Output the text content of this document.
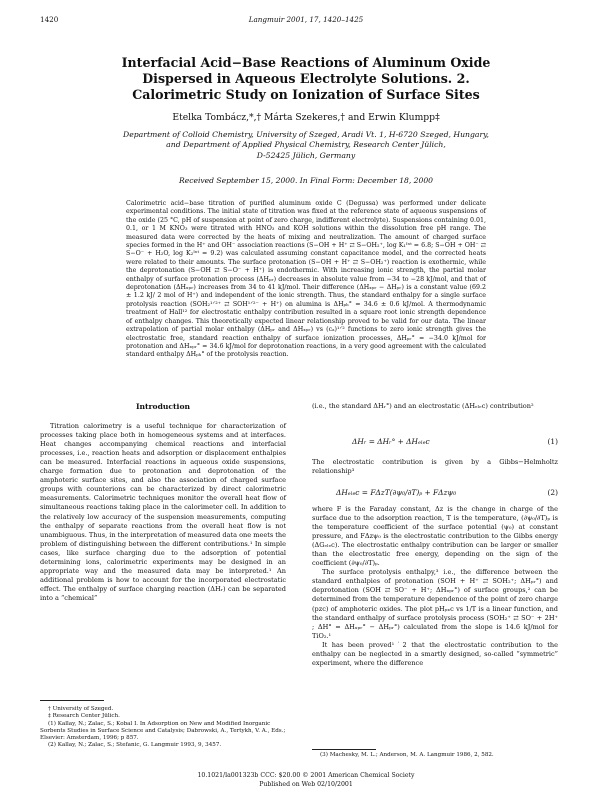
1420	Langmuir 2001, 17, 1420–1425
Interfacial Acid−Base Reactions of Aluminum Oxide
Dispersed in Aqueous Electrolyte Solutions. 2.
Calorimetric Study on Ionization of Surface Sites
Etelka Tombácz,*,† Márta Szekeres,† and Erwin Klumpp‡
Department of Colloid Chemistry, University of Szeged, Aradi Vt. 1, H-6720 Szeged, Hungary,
and Department of Applied Physical Chemistry, Research Center Jülich,
D-52425 Jülich, Germany
Received September 15, 2000. In Final Form: December 18, 2000
Calorimetric acid−base titration of purified aluminum oxide C (Degussa) was performed under delicate experimental conditions. The initial state of titration was fixed at the reference state of aqueous suspensions of the oxide (25 °C, pH of suspension at point of zero charge, indifferent electrolyte). Suspensions containing 0.01, 0.1, or 1 M KNO₃ were titrated with HNO₃ and KOH solutions within the dissolution free pH range. The measured data were corrected by the heats of mixing and neutralization. The amount of charged surface species formed in the H⁺ and OH⁻ association reactions (S−OH + H⁺ ⇄ S−OH₂⁺, log K₁ᴵⁿᵗ = 6.8; S−OH + OH⁻ ⇄ S−O⁻ + H₂O, log K₂ᴵⁿᵗ = 9.2) was calculated assuming constant capacitance model, and the corrected heats were related to their amounts. The surface protonation (S−OH + H⁺ ⇄ S−OH₂⁺) reaction is exothermic, while the deprotonation (S−OH ⇄ S−O⁻ + H⁺) is endothermic. With increasing ionic strength, the partial molar enthalpy of surface protonation process (ΔHₚᵣ) decreases in absolute value from −34 to −28 kJ/mol, and that of deprotonation (ΔHₓₚᵣ) increases from 34 to 41 kJ/mol. Their difference (ΔHₓₚᵣ − ΔHₚᵣ) is a constant value (69.2 ± 1.2 kJ/ 2 mol of H⁺) and independent of the ionic strength. Thus, the standard enthalpy for a single surface protolysis reaction (SOH₂¹ᐟ²⁺ ⇄ SOH¹ᐟ²⁻ + H⁺) on alumina is ΔHₚₕ° = 34.6 ± 0.6 kJ/mol. A thermodynamic treatment of Hall¹² for electrostatic enthalpy contribution resulted in a square root ionic strength dependence of enthalpy changes. This theoretically expected linear relationship proved to be valid for our data. The linear extrapolation of partial molar enthalpy (ΔHₚᵣ and ΔHₓₚᵣ) vs (cₐ)¹ᐟ² functions to zero ionic strength gives the electrostatic free, standard reaction enthalpy of surface ionization processes, ΔHₚᵣ° = −34.0 kJ/mol for protonation and ΔHₓₚᵣ° = 34.6 kJ/mol for deprotonation reactions, in a very good agreement with the calculated standard enthalpy ΔHₚₕ° of the protolysis reaction.
Introduction

Titration calorimetry is a useful technique for characterization of processes taking place both in homogeneous systems and at interfaces. Heat changes accompanying chemical reactions and interfacial processes, i.e., reaction heats and adsorption or displacement enthalpies can be measured. Interfacial reactions in aqueous oxide suspensions, charge formation due to protonation and deprotonation of the amphoteric surface sites, and also the association of charged surface groups with counterions can be characterized by direct calorimetric measurements. Calorimetric techniques monitor the overall heat flow of simultaneous reactions taking place in the calorimeter cell. In addition to the relatively low accuracy of the suspension measurements, computing the enthalpy of separate reactions from the overall heat flow is not unambiguous. Thus, in the interpretation of measured data one meets the problem of distinguishing between the different contributions.¹ In simple cases, like surface charging due to the adsorption of potential determining ions, calorimetric experiments may be designed in an appropriate way and the measured data may be interpreted.¹ An additional problem is how to account for the incorporated electrostatic effect. The enthalpy of surface charging reaction (ΔHᵣ) can be separated into a “chemical”

† University of Szeged.
‡ Research Center Jülich.
(1) Kallay, N.; Zalac, S.; Kobal I. In Adsorption on New and Modified Inorganic Sorbents Studies in Surface Science and Catalysis; Dabrowski, A., Tertykh, V. A., Eds.; Elsevier: Amsterdam, 1996; p 857.
(2) Kallay, N.; Zalac, S.; Stefanic, G. Langmuir 1993, 9, 3457.

(i.e., the standard ΔHᵣ°) and an electrostatic (ΔHₑₗₑc) contribution²

ΔHᵣ = ΔHᵣ° + ΔHₑₗₑc	(1)

The electrostatic contribution is given by a Gibbs−Helmholtz relationship³

ΔHₑₗₑc = FΔzT(∂ψ₀/∂T)ₚ + FΔzψ₀	(2)

where F is the Faraday constant, Δz is the change in charge of the surface due to the adsorption reaction, T is the temperature, (∂ψ₀/∂T)ₚ is the temperature coefficient of the surface potential (ψ₀) at constant pressure, and FΔzψ₀ is the electrostatic contribution to the Gibbs energy (ΔGₑₗₑc). The electrostatic enthalpy contribution can be larger or smaller than the electrostatic free energy, depending on the sign of the coefficient (∂ψ₀/∂T)ₚ.

The surface protolysis enthalpy,³ i.e., the difference between the standard enthalpies of protonation (SOH + H⁺ ⇄ SOH₂⁺; ΔHₚᵣ°) and deprotonation (SOH ⇄ SO⁻ + H⁺; ΔHₓₚᵣ°) of surface groups,² can be determined from the temperature dependence of the point of zero charge (pzc) of amphoteric oxides. The plot pHₚₓc vs 1/T is a linear function, and the standard enthalpy of surface protolysis process (SOH₂⁺ ⇄ SO⁻ + 2H⁺ ; ΔH° = ΔHₓₚᵣ° − ΔHₚᵣ°) calculated from the slope is 14.6 kJ/mol for TiO₂.¹

It has been proved¹˙2 that the electrostatic contribution to the enthalpy can be neglected in a smartly designed, so-called “symmetric” experiment, where the difference

(3) Machesky, M. L.; Anderson, M. A. Langmuir 1986, 2, 582.
10.1021/la001323b CCC: $20.00 © 2001 American Chemical Society
Published on Web 02/10/2001
